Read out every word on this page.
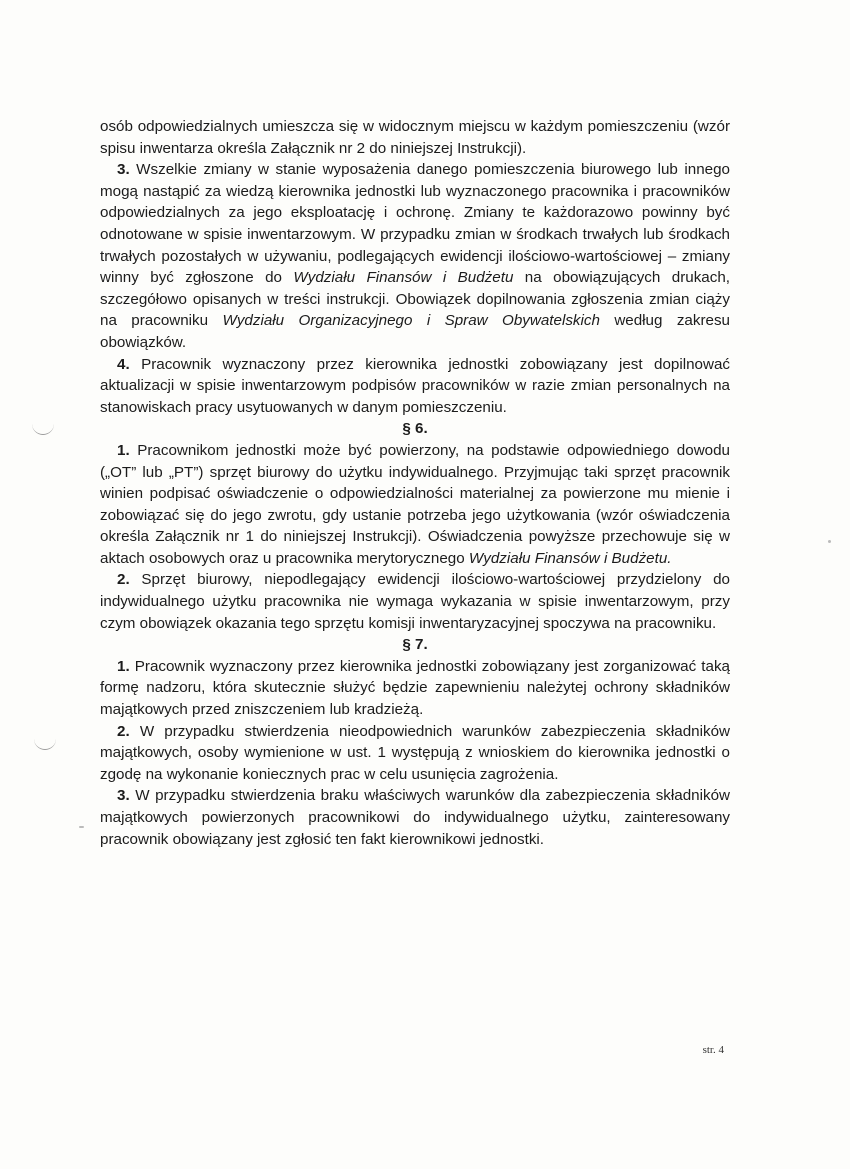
osób odpowiedzialnych umieszcza się w widocznym miejscu w każdym pomieszczeniu (wzór spisu inwentarza określa Załącznik nr 2 do niniejszej Instrukcji).

3. Wszelkie zmiany w stanie wyposażenia danego pomieszczenia biurowego lub innego mogą nastąpić za wiedzą kierownika jednostki lub wyznaczonego pracownika i pracowników odpowiedzialnych za jego eksploatację i ochronę. Zmiany te każdorazowo powinny być odnotowane w spisie inwentarzowym. W przypadku zmian w środkach trwałych lub środkach trwałych pozostałych w używaniu, podlegających ewidencji ilościowo-wartościowej – zmiany winny być zgłoszone do Wydziału Finansów i Budżetu na obowiązujących drukach, szczegółowo opisanych w treści instrukcji. Obowiązek dopilnowania zgłoszenia zmian ciąży na pracowniku Wydziału Organizacyjnego i Spraw Obywatelskich według zakresu obowiązków.

4. Pracownik wyznaczony przez kierownika jednostki zobowiązany jest dopilnować aktualizacji w spisie inwentarzowym podpisów pracowników w razie zmian personalnych na stanowiskach pracy usytuowanych w danym pomieszczeniu.

§ 6.

1. Pracownikom jednostki może być powierzony, na podstawie odpowiedniego dowodu („OT” lub „PT”) sprzęt biurowy do użytku indywidualnego. Przyjmując taki sprzęt pracownik winien podpisać oświadczenie o odpowiedzialności materialnej za powierzone mu mienie i zobowiązać się do jego zwrotu, gdy ustanie potrzeba jego użytkowania (wzór oświadczenia określa Załącznik nr 1 do niniejszej Instrukcji). Oświadczenia powyższe przechowuje się w aktach osobowych oraz u pracownika merytorycznego Wydziału Finansów i Budżetu.

2. Sprzęt biurowy, niepodlegający ewidencji ilościowo-wartościowej przydzielony do indywidualnego użytku pracownika nie wymaga wykazania w spisie inwentarzowym, przy czym obowiązek okazania tego sprzętu komisji inwentaryzacyjnej spoczywa na pracowniku.

§ 7.

1. Pracownik wyznaczony przez kierownika jednostki zobowiązany jest zorganizować taką formę nadzoru, która skutecznie służyć będzie zapewnieniu należytej ochrony składników majątkowych przed zniszczeniem lub kradzieżą.

2. W przypadku stwierdzenia nieodpowiednich warunków zabezpieczenia składników majątkowych, osoby wymienione w ust. 1 występują z wnioskiem do kierownika jednostki o zgodę na wykonanie koniecznych prac w celu usunięcia zagrożenia.

3. W przypadku stwierdzenia braku właściwych warunków dla zabezpieczenia składników majątkowych powierzonych pracownikowi do indywidualnego użytku, zainteresowany pracownik obowiązany jest zgłosić ten fakt kierownikowi jednostki.

str. 4
